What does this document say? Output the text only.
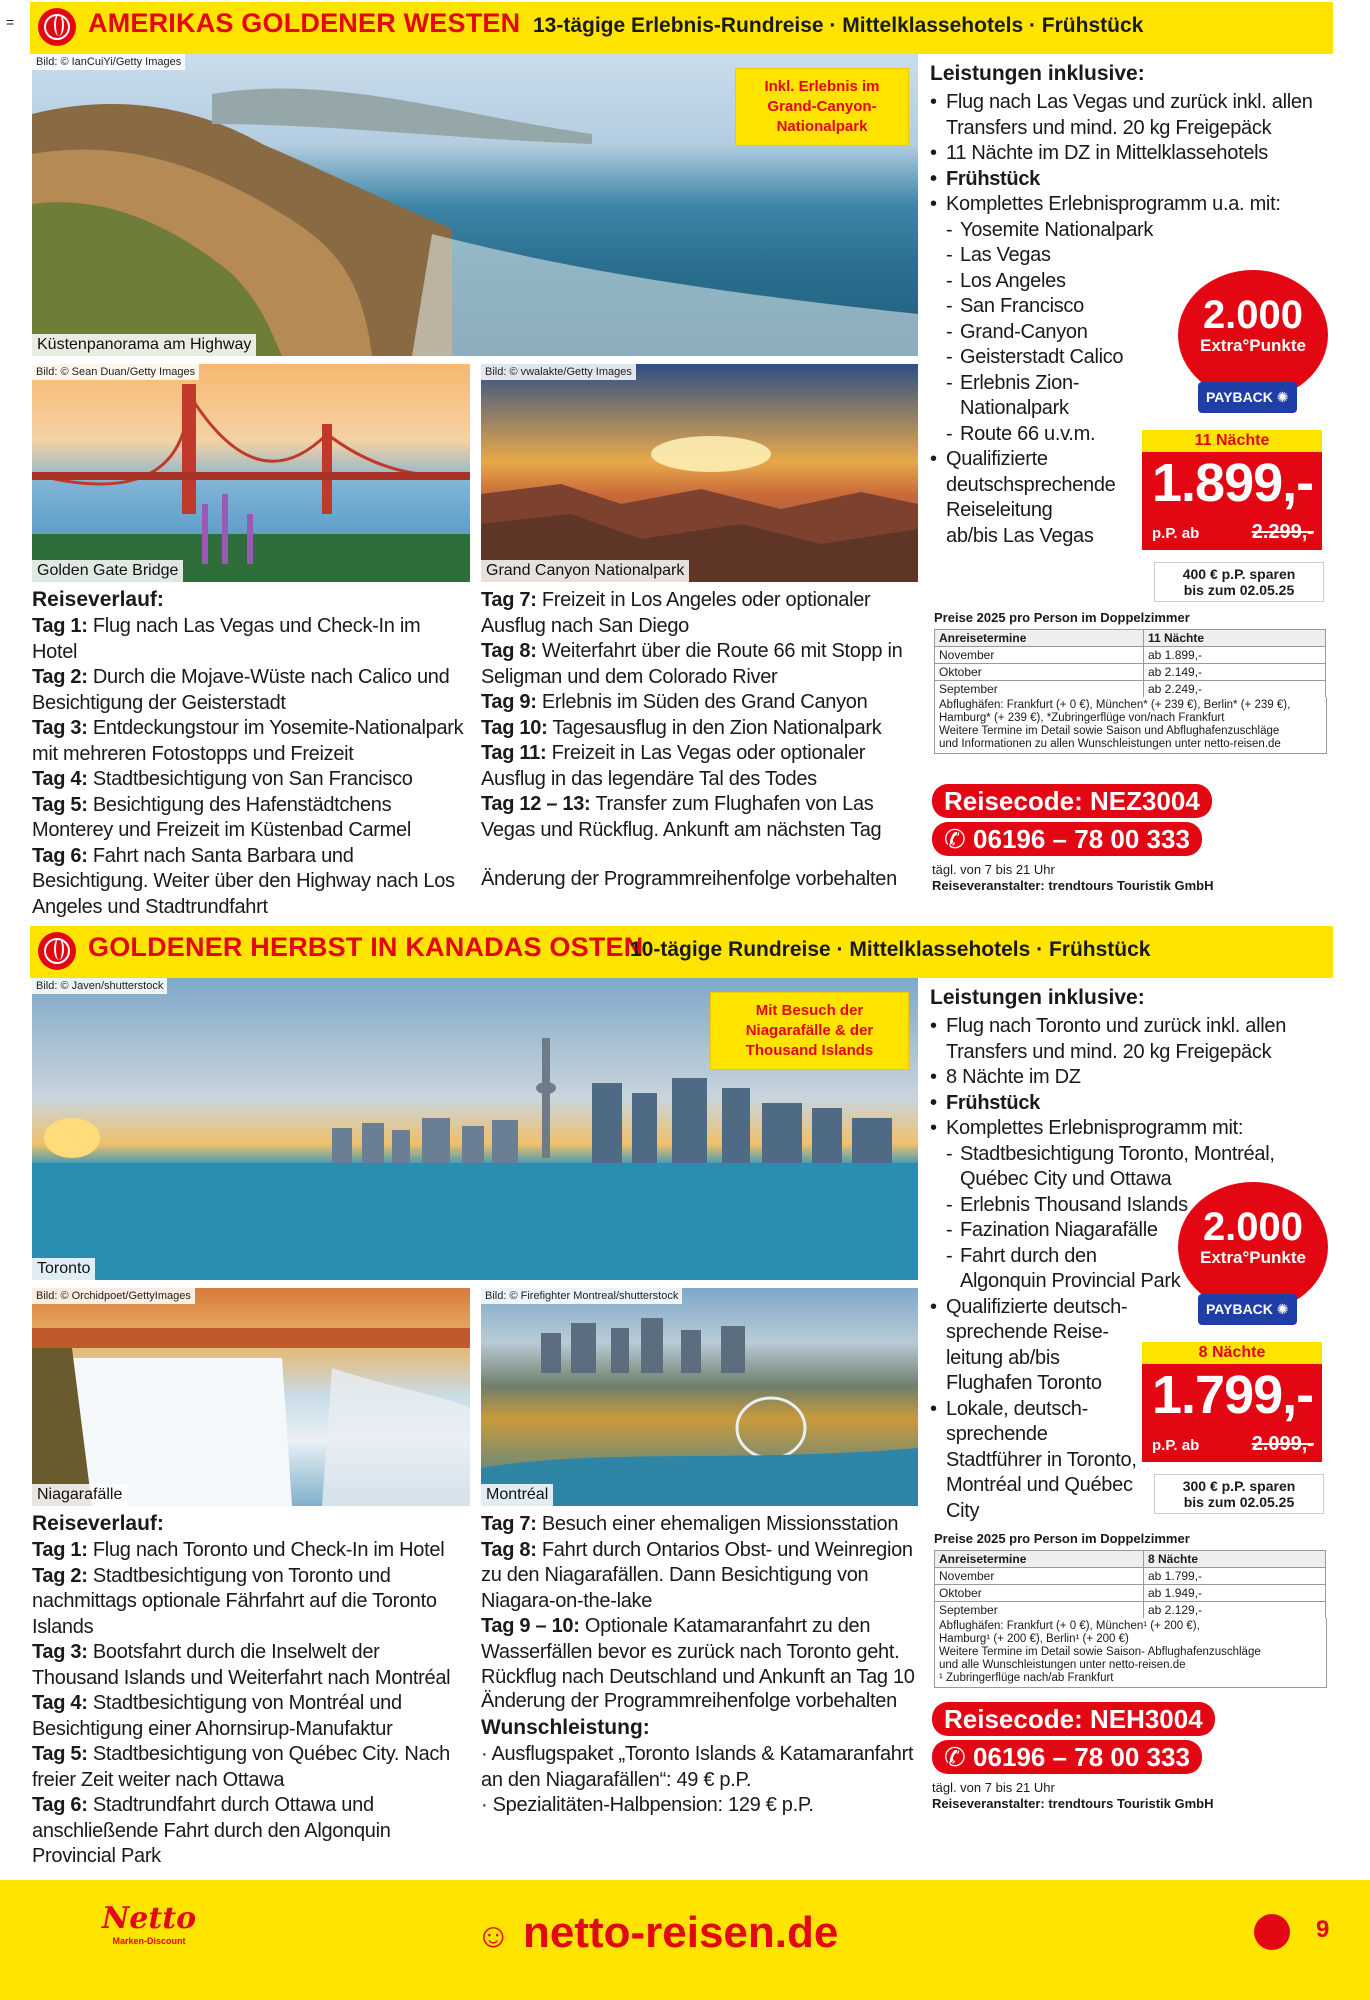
=	AMERIKAS GOLDENER WESTEN 13-tägige Erlebnis-Rundreise · Mittelklassehotels · Frühstück
Bild: © IanCuiYi/Getty Images
Küstenpanorama am Highway
Inkl. Erlebnis im
Grand-Canyon-
Nationalpark
Bild: © Sean Duan/Getty Images
Golden Gate Bridge
Bild: © vwalakte/Getty Images
Grand Canyon Nationalpark
Leistungen inklusive:
• Flug nach Las Vegas und zurück inkl. allen
Transfers und mind. 20 kg Freigepäck
• 11 Nächte im DZ in Mittelklassehotels
• Frühstück
• Komplettes Erlebnisprogramm u.a. mit:
- Yosemite Nationalpark
- Las Vegas
- Los Angeles
- San Francisco
- Grand-Canyon
- Geisterstadt Calico
- Erlebnis Zion-
Nationalpark
- Route 66 u.v.m.
• Qualifizierte
deutschsprechende
Reiseleitung
ab/bis Las Vegas
2.000
Extra°Punkte
PAYBACK ✺
11 Nächte
1.899,-
p.P. ab	2.299,-
400 € p.P. sparen
bis zum 02.05.25
Reiseverlauf:
Tag 1: Flug nach Las Vegas und Check-In im Hotel
Tag 2: Durch die Mojave-Wüste nach Calico und Besichtigung der Geisterstadt
Tag 3: Entdeckungstour im Yosemite-Nationalpark mit mehreren Fotostopps und Freizeit
Tag 4: Stadtbesichtigung von San Francisco
Tag 5: Besichtigung des Hafenstädtchens Monterey und Freizeit im Küstenbad Carmel
Tag 6: Fahrt nach Santa Barbara und Besichtigung. Weiter über den Highway nach Los Angeles und Stadtrundfahrt
Tag 7: Freizeit in Los Angeles oder optionaler Ausflug nach San Diego
Tag 8: Weiterfahrt über die Route 66 mit Stopp in Seligman und dem Colorado River
Tag 9: Erlebnis im Süden des Grand Canyon
Tag 10: Tagesausflug in den Zion Nationalpark
Tag 11: Freizeit in Las Vegas oder optionaler Ausflug in das legendäre Tal des Todes
Tag 12 – 13: Transfer zum Flughafen von Las Vegas und Rückflug. Ankunft am nächsten Tag
Änderung der Programmreihenfolge vorbehalten
Preise 2025 pro Person im Doppelzimmer
Anreisetermine	11 Nächte
November	ab 1.899,-
Oktober	ab 2.149,-
September	ab 2.249,-
Abflughäfen: Frankfurt (+ 0 €), München* (+ 239 €), Berlin* (+ 239 €),
Hamburg* (+ 239 €), *Zubringerflüge von/nach Frankfurt
Weitere Termine im Detail sowie Saison und Abflughafenzuschläge
und Informationen zu allen Wunschleistungen unter netto-reisen.de
Reisecode: NEZ3004
✆ 06196 – 78 00 333
tägl. von 7 bis 21 Uhr
Reiseveranstalter: trendtours Touristik GmbH
GOLDENER HERBST IN KANADAS OSTEN
10-tägige Rundreise · Mittelklassehotels · Frühstück
Bild: © Javen/shutterstock
Toronto
Mit Besuch der
Niagarafälle & der
Thousand Islands
Bild: © Orchidpoet/GettyImages
Niagarafälle
Bild: © Firefighter Montreal/shutterstock
Montréal
Leistungen inklusive:
• Flug nach Toronto und zurück inkl. allen
Transfers und mind. 20 kg Freigepäck
• 8 Nächte im DZ
• Frühstück
• Komplettes Erlebnisprogramm mit:
- Stadtbesichtigung Toronto, Montréal,
Québec City und Ottawa
- Erlebnis Thousand Islands
- Fazination Niagarafälle
- Fahrt durch den
Algonquin Provincial Park
• Qualifizierte deutsch-
sprechende Reise-
leitung ab/bis
Flughafen Toronto
• Lokale, deutsch-
sprechende
Stadtführer in Toronto,
Montréal und Québec
City
2.000
Extra°Punkte
PAYBACK ✺
8 Nächte
1.799,-
p.P. ab	2.099,-
300 € p.P. sparen
bis zum 02.05.25
Reiseverlauf:
Tag 1: Flug nach Toronto und Check-In im Hotel
Tag 2: Stadtbesichtigung von Toronto und nachmittags optionale Fährfahrt auf die Toronto Islands
Tag 3: Bootsfahrt durch die Inselwelt der Thousand Islands und Weiterfahrt nach Montréal
Tag 4: Stadtbesichtigung von Montréal und Besichtigung einer Ahornsirup-Manufaktur
Tag 5: Stadtbesichtigung von Québec City. Nach freier Zeit weiter nach Ottawa
Tag 6: Stadtrundfahrt durch Ottawa und anschließende Fahrt durch den Algonquin Provincial Park
Tag 7: Besuch einer ehemaligen Missionsstation
Tag 8: Fahrt durch Ontarios Obst- und Weinregion zu den Niagarafällen. Dann Besichtigung von Niagara-on-the-lake
Tag 9 – 10: Optionale Katamaranfahrt zu den Wasserfällen bevor es zurück nach Toronto geht. Rückflug nach Deutschland und Ankunft an Tag 10
Änderung der Programmreihenfolge vorbehalten
Wunschleistung:
· Ausflugspaket „Toronto Islands & Katamaranfahrt an den Niagarafällen“: 49 € p.P.
· Spezialitäten-Halbpension: 129 € p.P.
Preise 2025 pro Person im Doppelzimmer
Anreisetermine	8 Nächte
November	ab 1.799,-
Oktober	ab 1.949,-
September	ab 2.129,-
Abflughäfen: Frankfurt (+ 0 €), München¹ (+ 200 €),
Hamburg¹ (+ 200 €), Berlin¹ (+ 200 €)
Weitere Termine im Detail sowie Saison- Abflughafenzuschläge
und alle Wunschleistungen unter netto-reisen.de
¹ Zubringerflüge nach/ab Frankfurt
Reisecode: NEH3004
✆ 06196 – 78 00 333
tägl. von 7 bis 21 Uhr
Reiseveranstalter: trendtours Touristik GmbH
Netto
Marken-Discount	☺ netto-reisen.de	9
